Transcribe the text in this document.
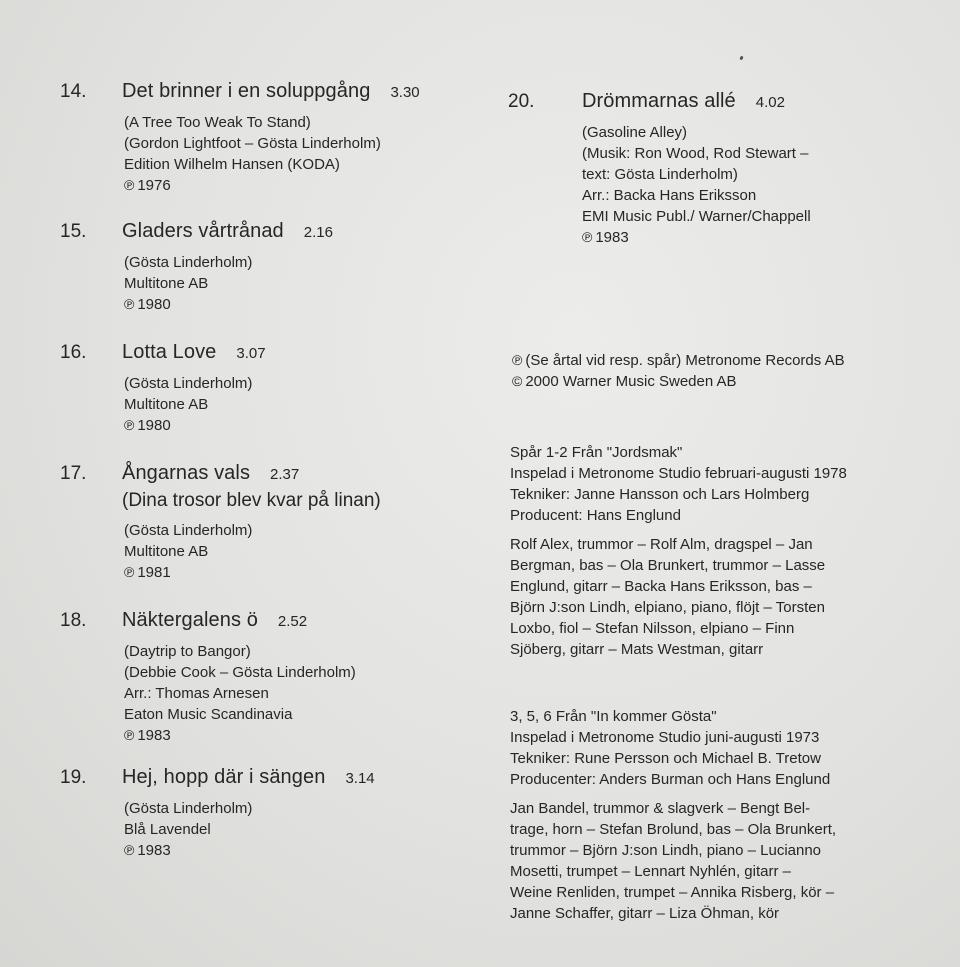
14.	Det brinner i en soluppgång 3.30
(A Tree Too Weak To Stand)
(Gordon Lightfoot – Gösta Linderholm)
Edition Wilhelm Hansen (KODA)
℗ 1976
15.	Gladers vårtrånad 2.16
(Gösta Linderholm)
Multitone AB
℗ 1980
16.	Lotta Love 3.07
(Gösta Linderholm)
Multitone AB
℗ 1980
17.	Ångarnas vals 2.37
(Dina trosor blev kvar på linan)
(Gösta Linderholm)
Multitone AB
℗ 1981
18.	Näktergalens ö 2.52
(Daytrip to Bangor)
(Debbie Cook – Gösta Linderholm)
Arr.: Thomas Arnesen
Eaton Music Scandinavia
℗ 1983
19.	Hej, hopp där i sängen 3.14
(Gösta Linderholm)
Blå Lavendel
℗ 1983
20.	Drömmarnas allé 4.02
(Gasoline Alley)
(Musik: Ron Wood, Rod Stewart –
text: Gösta Linderholm)
Arr.: Backa Hans Eriksson
EMI Music Publ./ Warner/Chappell
℗ 1983
℗ (Se årtal vid resp. spår) Metronome Records AB
© 2000 Warner Music Sweden AB
Spår 1-2 Från "Jordsmak"
Inspelad i Metronome Studio februari-augusti 1978
Tekniker: Janne Hansson och Lars Holmberg
Producent: Hans Englund
Rolf Alex, trummor – Rolf Alm, dragspel – Jan
Bergman, bas – Ola Brunkert, trummor – Lasse
Englund, gitarr – Backa Hans Eriksson, bas –
Björn J:son Lindh, elpiano, piano, flöjt – Torsten
Loxbo, fiol – Stefan Nilsson, elpiano – Finn
Sjöberg, gitarr – Mats Westman, gitarr
3, 5, 6 Från "In kommer Gösta"
Inspelad i Metronome Studio juni-augusti 1973
Tekniker: Rune Persson och Michael B. Tretow
Producenter: Anders Burman och Hans Englund
Jan Bandel, trummor & slagverk – Bengt Bel-
trage, horn – Stefan Brolund, bas – Ola Brunkert,
trummor – Björn J:son Lindh, piano – Lucianno
Mosetti, trumpet – Lennart Nyhlén, gitarr –
Weine Renliden, trumpet – Annika Risberg, kör –
Janne Schaffer, gitarr – Liza Öhman, kör
